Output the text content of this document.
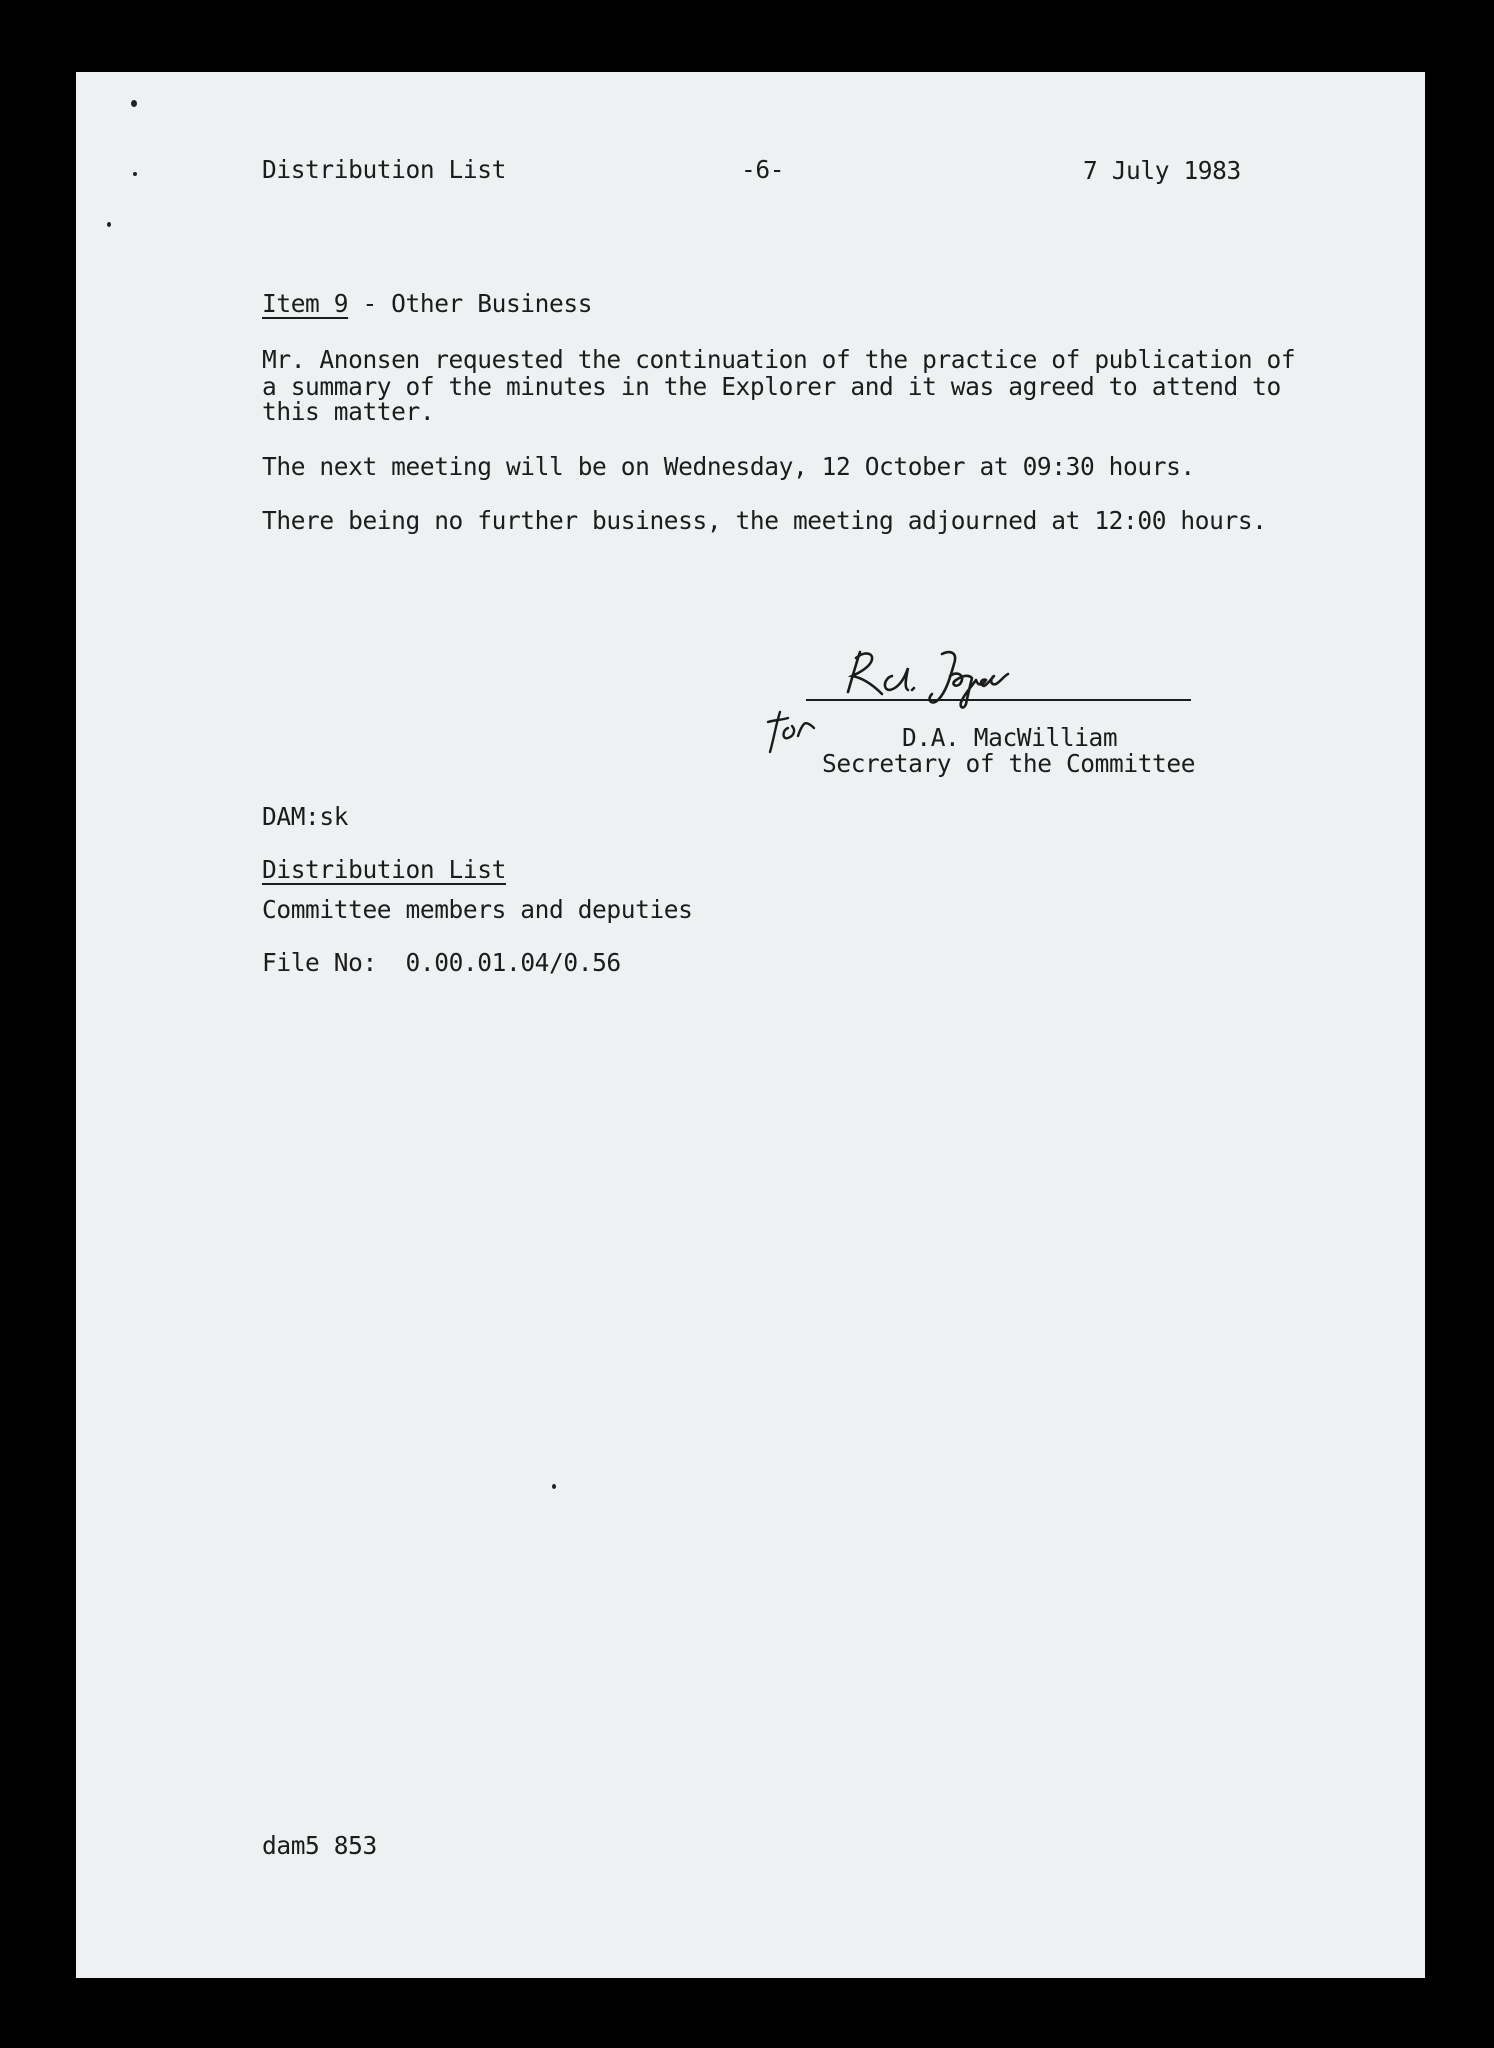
Distribution List	-6-	7 July 1983
Item 9 - Other Business
Mr. Anonsen requested the continuation of the practice of publication of
a summary of the minutes in the Explorer and it was agreed to attend to
this matter.
The next meeting will be on Wednesday, 12 October at 09:30 hours.
There being no further business, the meeting adjourned at 12:00 hours.
D.A. MacWilliam
Secretary of the Committee
DAM:sk
Distribution List
Committee members and deputies
File No: 0.00.01.04/0.56
dam5 853
